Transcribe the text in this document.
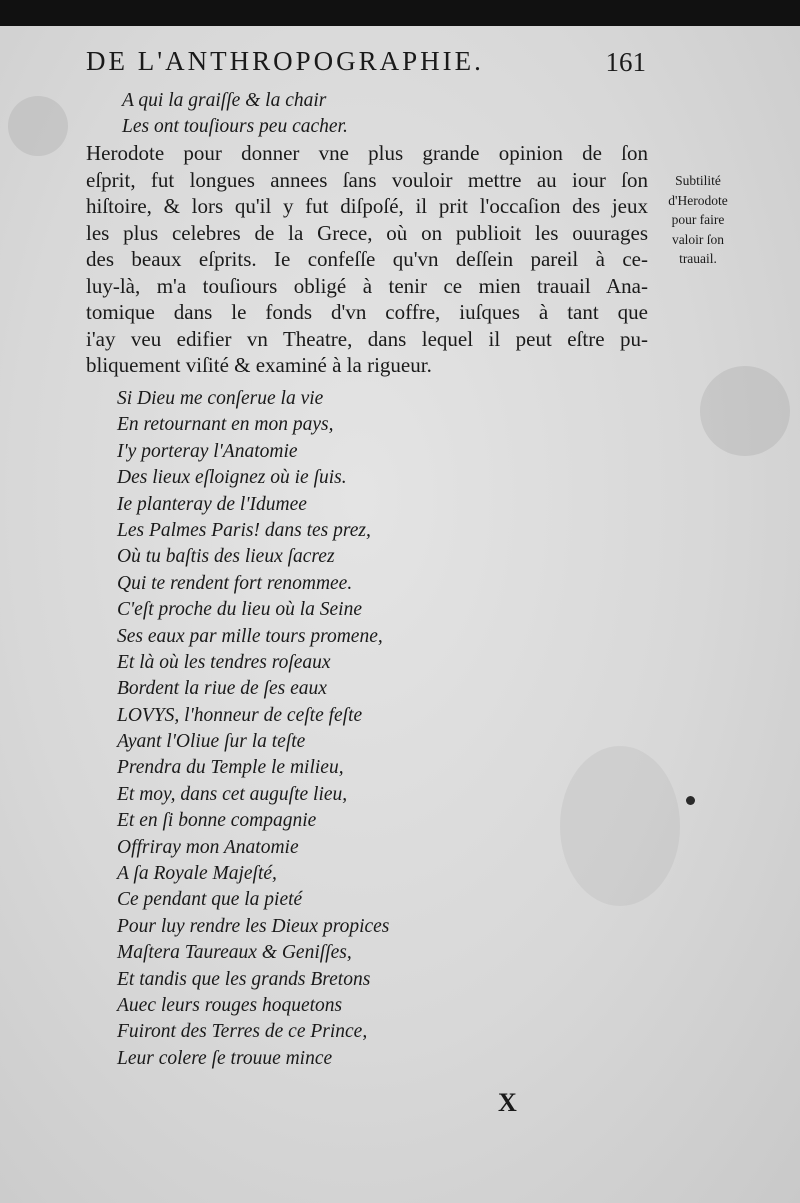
DE L'ANTHROPOGRAPHIE.	161
A qui la graiſſe & la chair
Les ont touſiours peu cacher.
Herodote pour donner vne plus grande opinion de ſon
eſprit, fut longues annees ſans vouloir mettre au iour ſon
hiſtoire, & lors qu'il y fut diſpoſé, il prit l'occaſion des jeux
les plus celebres de la Grece, où on publioit les ouurages
des beaux eſprits. Ie confeſſe qu'vn deſſein pareil à ce-
luy-là, m'a touſiours obligé à tenir ce mien trauail Ana-
tomique dans le fonds d'vn coffre, iuſques à tant que
i'ay veu edifier vn Theatre, dans lequel il peut eſtre pu-
bliquement viſité & examiné à la rigueur.
Subtilité
d'Herodote
pour faire
valoir ſon
trauail.
Si Dieu me conſerue la vie
En retournant en mon pays,
I'y porteray l'Anatomie
Des lieux eſloignez où ie ſuis.
Ie planteray de l'Idumee
Les Palmes Paris! dans tes prez,
Où tu baſtis des lieux ſacrez
Qui te rendent fort renommee.
C'eſt proche du lieu où la Seine
Ses eaux par mille tours promene,
Et là où les tendres roſeaux
Bordent la riue de ſes eaux
LOVYS, l'honneur de ceſte feſte
Ayant l'Oliue ſur la teſte
Prendra du Temple le milieu,
Et moy, dans cet auguſte lieu,
Et en ſi bonne compagnie
Offriray mon Anatomie
A ſa Royale Majeſté,
Ce pendant que la pieté
Pour luy rendre les Dieux propices
Maſtera Taureaux & Geniſſes,
Et tandis que les grands Bretons
Auec leurs rouges hoquetons
Fuiront des Terres de ce Prince,
Leur colere ſe trouue mince
X
